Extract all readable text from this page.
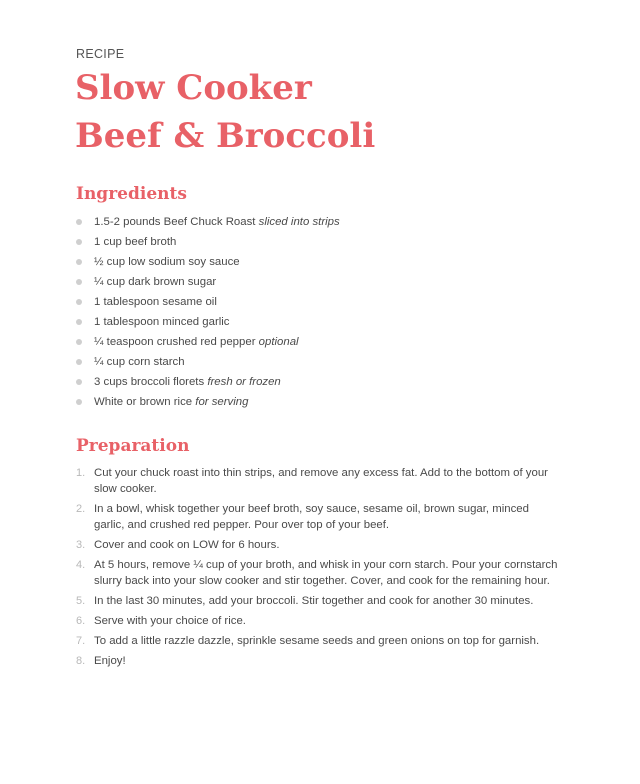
RECIPE
Slow Cooker
Beef & Broccoli
Ingredients
1.5-2 pounds Beef Chuck Roast sliced into strips
1 cup beef broth
½ cup low sodium soy sauce
¼ cup dark brown sugar
1 tablespoon sesame oil
1 tablespoon minced garlic
¼ teaspoon crushed red pepper optional
¼ cup corn starch
3 cups broccoli florets fresh or frozen
White or brown rice for serving
Preparation
1. Cut your chuck roast into thin strips, and remove any excess fat. Add to the bottom of your slow cooker.
2. In a bowl, whisk together your beef broth, soy sauce, sesame oil, brown sugar, minced garlic, and crushed red pepper. Pour over top of your beef.
3. Cover and cook on LOW for 6 hours.
4. At 5 hours, remove ¼ cup of your broth, and whisk in your corn starch. Pour your cornstarch slurry back into your slow cooker and stir together. Cover, and cook for the remaining hour.
5. In the last 30 minutes, add your broccoli. Stir together and cook for another 30 minutes.
6. Serve with your choice of rice.
7. To add a little razzle dazzle, sprinkle sesame seeds and green onions on top for garnish.
8. Enjoy!
